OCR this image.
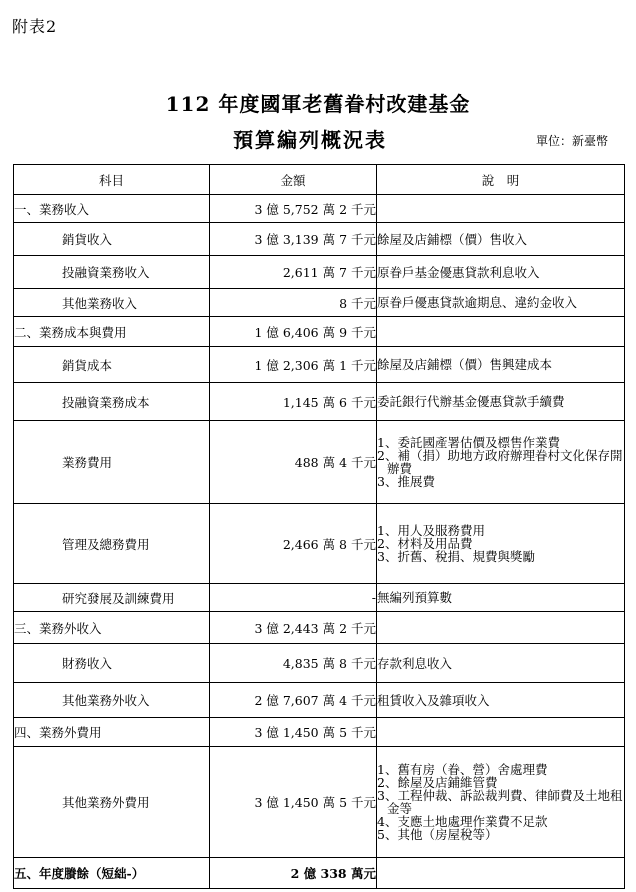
附表2
112 年度國軍老舊眷村改建基金
預算編列概況表	單位：新臺幣
科目	金額	說　明
一、業務收入	3 億 5,752 萬 2 千元	
銷貨收入	3 億 3,139 萬 7 千元	餘屋及店鋪標（價）售收入

投融資業務收入	2,611 萬 7 千元	原眷戶基金優惠貸款利息收入

其他業務收入	8 千元	原眷戶優惠貸款逾期息、違約金收入

二、業務成本與費用	1 億 6,406 萬 9 千元	
銷貨成本	1 億 2,306 萬 1 千元	餘屋及店鋪標（價）售興建成本

投融資業務成本	1,145 萬 6 千元	委託銀行代辦基金優惠貸款手續費

業務費用	488 萬 4 千元	1、委託國產署估價及標售作業費
2、補（捐）助地方政府辦理眷村文化保存開辦費
3、推展費

管理及總務費用	2,466 萬 8 千元	1、用人及服務費用
2、材料及用品費
3、折舊、稅捐、規費與獎勵

研究發展及訓練費用	-	無編列預算數

三、業務外收入	3 億 2,443 萬 2 千元	
財務收入	4,835 萬 8 千元	存款利息收入

其他業務外收入	2 億 7,607 萬 4 千元	租賃收入及雜項收入

四、業務外費用	3 億 1,450 萬 5 千元	
其他業務外費用	3 億 1,450 萬 5 千元	1、舊有房（眷、營）舍處理費
2、餘屋及店鋪維管費
3、工程仲裁、訴訟裁判費、律師費及土地租金等
4、支應土地處理作業費不足款
5、其他（房屋稅等）

五、年度賸餘（短絀-）	2 億 338 萬元	
